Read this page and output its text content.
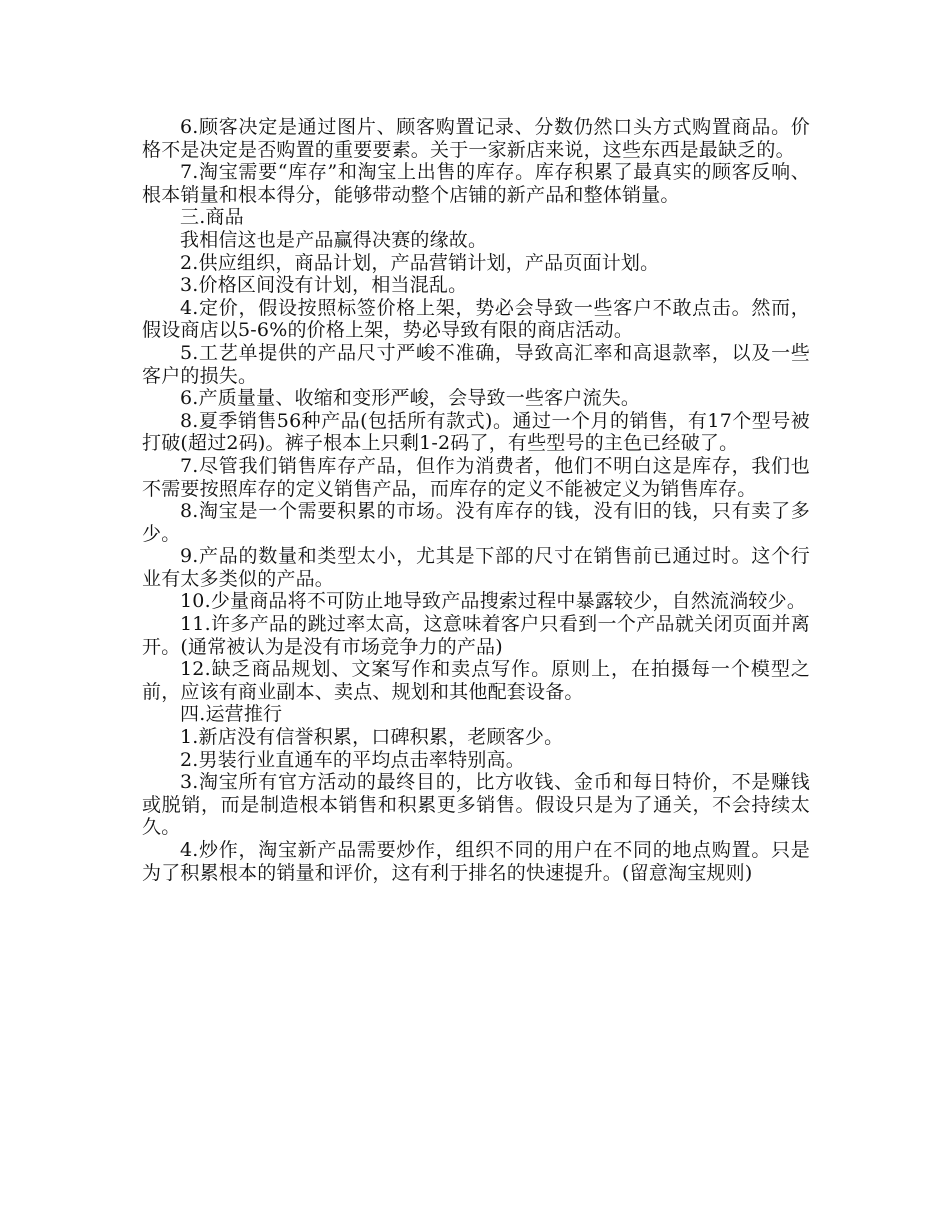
6.顾客决定是通过图片、顾客购置记录、分数仍然口头方式购置商品。价格不是决定是否购置的重要要素。关于一家新店来说，这些东西是最缺乏的。

7.淘宝需要“库存”和淘宝上出售的库存。库存积累了最真实的顾客反响、根本销量和根本得分，能够带动整个店铺的新产品和整体销量。

三.商品

我相信这也是产品赢得决赛的缘故。

2.供应组织，商品计划，产品营销计划，产品页面计划。

3.价格区间没有计划，相当混乱。

4.定价，假设按照标签价格上架，势必会导致一些客户不敢点击。然而，假设商店以5-6%的价格上架，势必导致有限的商店活动。

5.工艺单提供的产品尺寸严峻不准确，导致高汇率和高退款率，以及一些客户的损失。

6.产质量量、收缩和变形严峻，会导致一些客户流失。

8.夏季销售56种产品(包括所有款式)。通过一个月的销售，有17个型号被打破(超过2码)。裤子根本上只剩1-2码了，有些型号的主色已经破了。

7.尽管我们销售库存产品，但作为消费者，他们不明白这是库存，我们也不需要按照库存的定义销售产品，而库存的定义不能被定义为销售库存。

8.淘宝是一个需要积累的市场。没有库存的钱，没有旧的钱，只有卖了多少。

9.产品的数量和类型太小，尤其是下部的尺寸在销售前已通过时。这个行业有太多类似的产品。

10.少量商品将不可防止地导致产品搜索过程中暴露较少，自然流淌较少。

11.许多产品的跳过率太高，这意味着客户只看到一个产品就关闭页面并离开。(通常被认为是没有市场竞争力的产品)

12.缺乏商品规划、文案写作和卖点写作。原则上，在拍摄每一个模型之前，应该有商业副本、卖点、规划和其他配套设备。

四.运营推行

1.新店没有信誉积累，口碑积累，老顾客少。

2.男装行业直通车的平均点击率特别高。

3.淘宝所有官方活动的最终目的，比方收钱、金币和每日特价，不是赚钱或脱销，而是制造根本销售和积累更多销售。假设只是为了通关，不会持续太久。

4.炒作，淘宝新产品需要炒作，组织不同的用户在不同的地点购置。只是为了积累根本的销量和评价，这有利于排名的快速提升。(留意淘宝规则)
